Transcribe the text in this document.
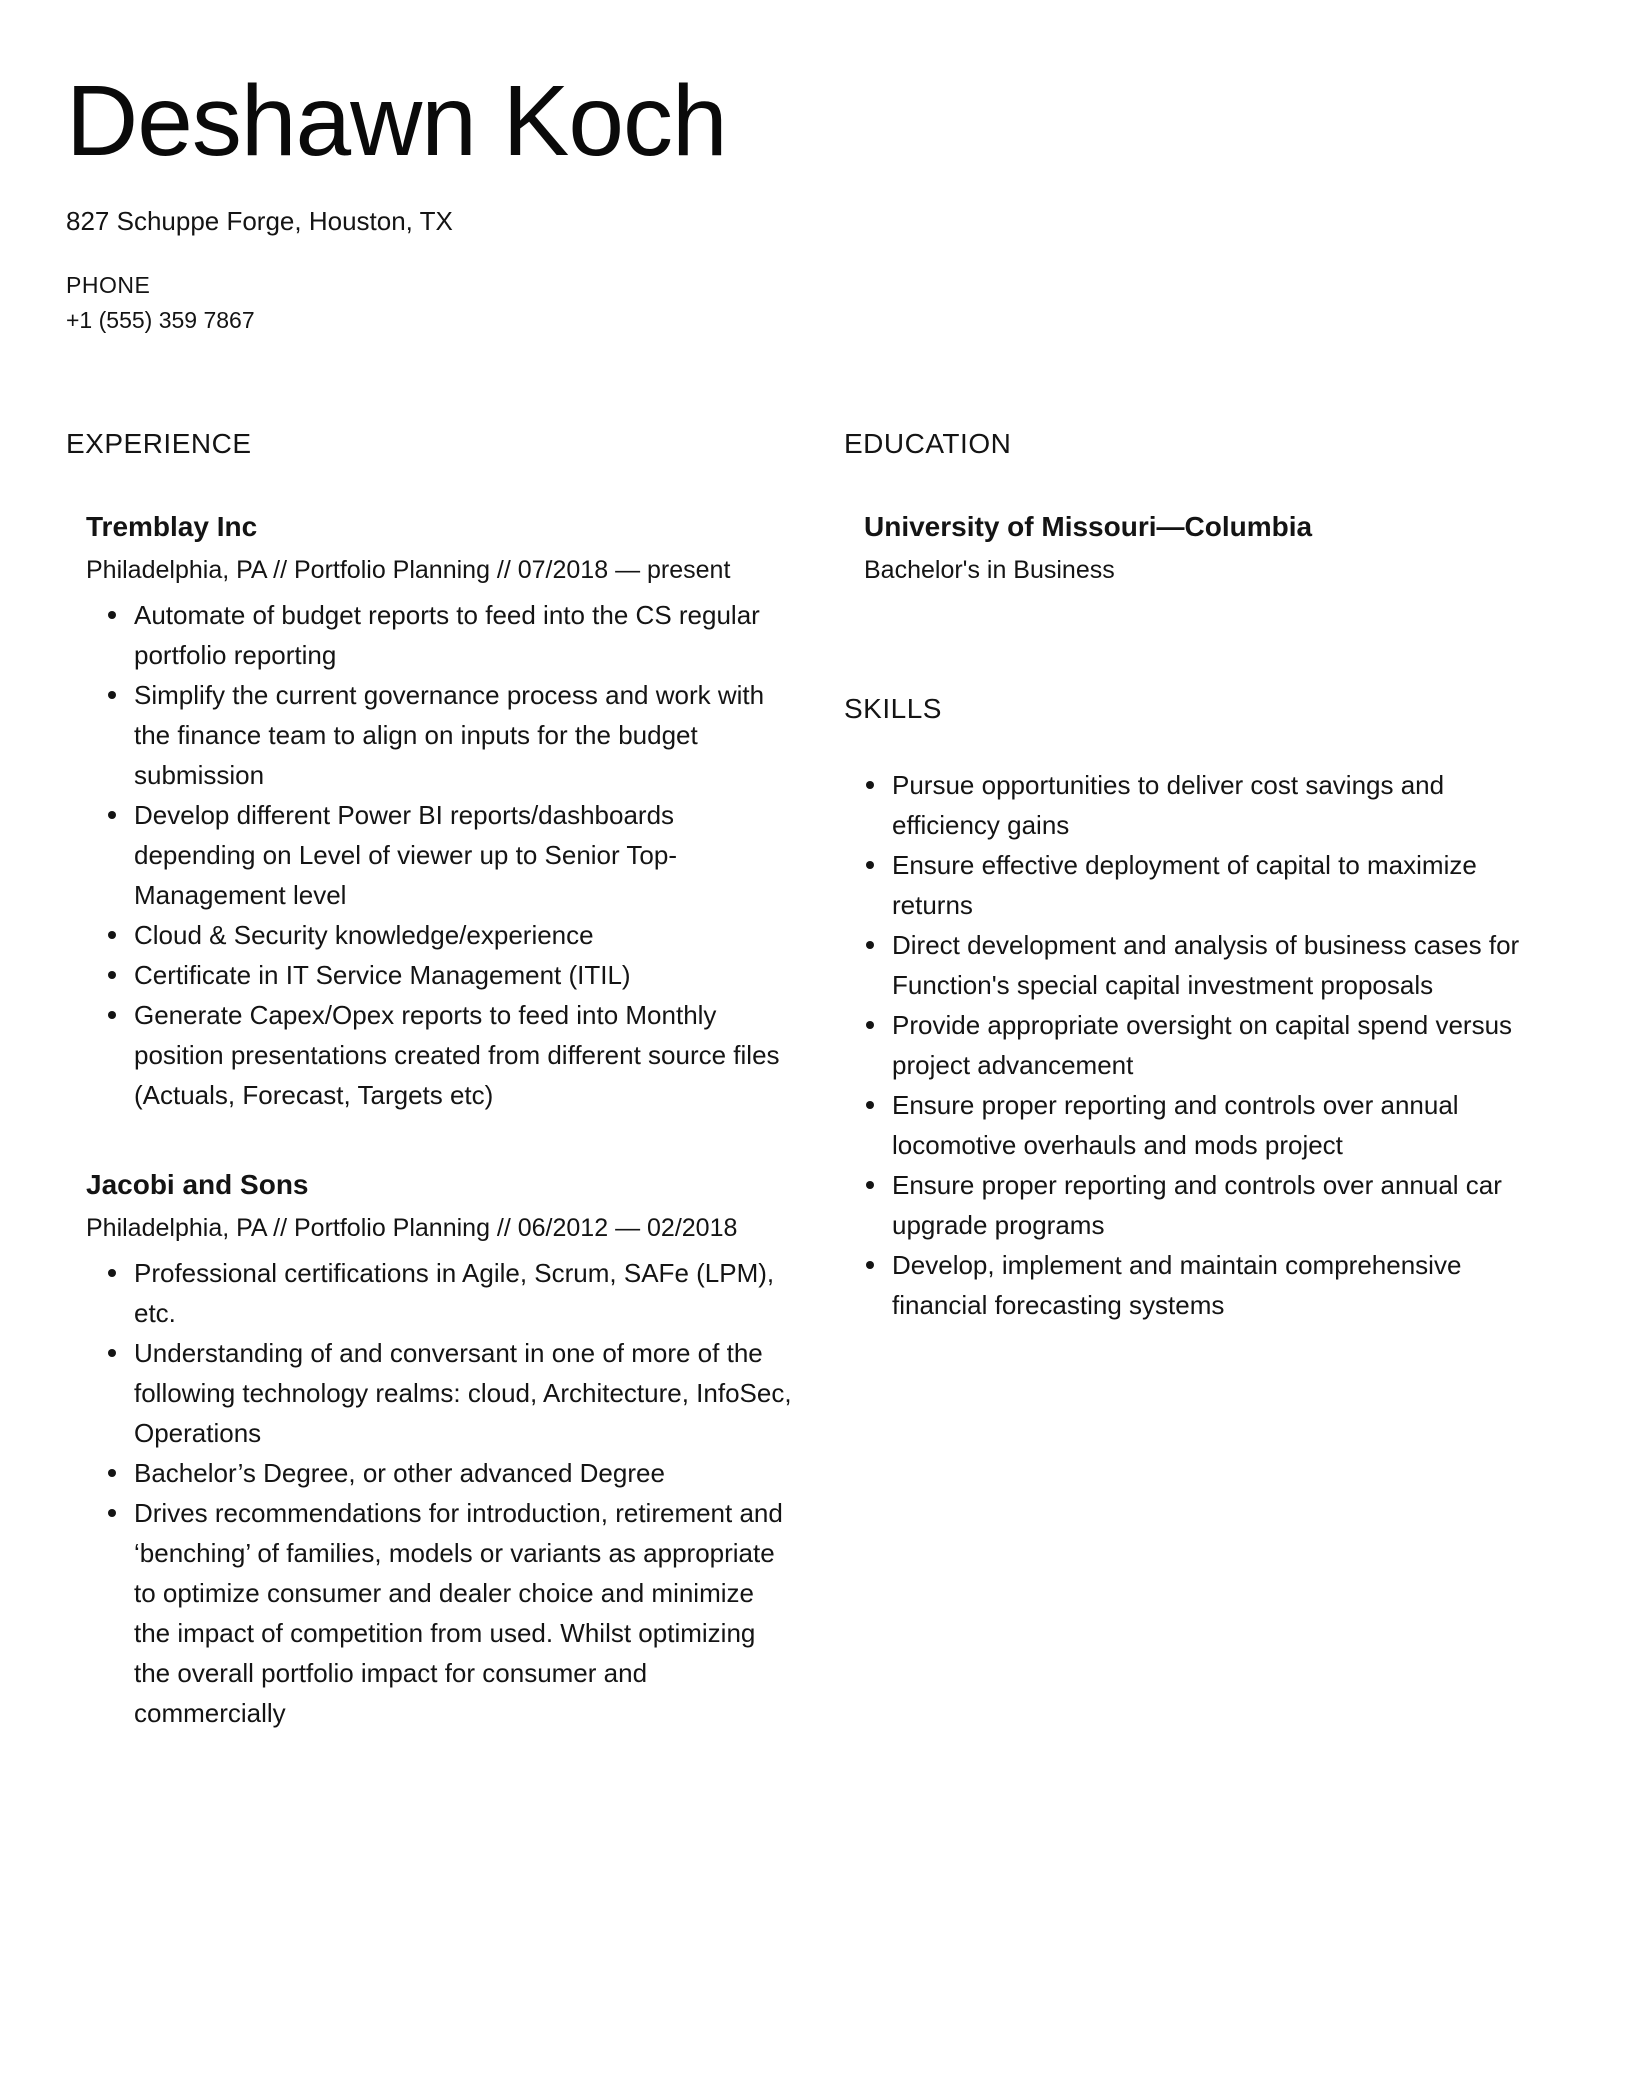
Deshawn Koch
827 Schuppe Forge, Houston, TX
PHONE
+1 (555) 359 7867
EXPERIENCE
Tremblay Inc
Philadelphia, PA // Portfolio Planning // 07/2018 — present
Automate of budget reports to feed into the CS regular portfolio reporting
Simplify the current governance process and work with the finance team to align on inputs for the budget submission
Develop different Power BI reports/dashboards depending on Level of viewer up to Senior Top-Management level
Cloud & Security knowledge/experience
Certificate in IT Service Management (ITIL)
Generate Capex/Opex reports to feed into Monthly position presentations created from different source files (Actuals, Forecast, Targets etc)
Jacobi and Sons
Philadelphia, PA // Portfolio Planning // 06/2012 — 02/2018
Professional certifications in Agile, Scrum, SAFe (LPM), etc.
Understanding of and conversant in one of more of the following technology realms: cloud, Architecture, InfoSec, Operations
Bachelor’s Degree, or other advanced Degree
Drives recommendations for introduction, retirement and ‘benching’ of families, models or variants as appropriate to optimize consumer and dealer choice and minimize the impact of competition from used. Whilst optimizing the overall portfolio impact for consumer and commercially
EDUCATION
University of Missouri—Columbia
Bachelor's in Business
SKILLS
Pursue opportunities to deliver cost savings and efficiency gains
Ensure effective deployment of capital to maximize returns
Direct development and analysis of business cases for Function's special capital investment proposals
Provide appropriate oversight on capital spend versus project advancement
Ensure proper reporting and controls over annual locomotive overhauls and mods project
Ensure proper reporting and controls over annual car upgrade programs
Develop, implement and maintain comprehensive financial forecasting systems
